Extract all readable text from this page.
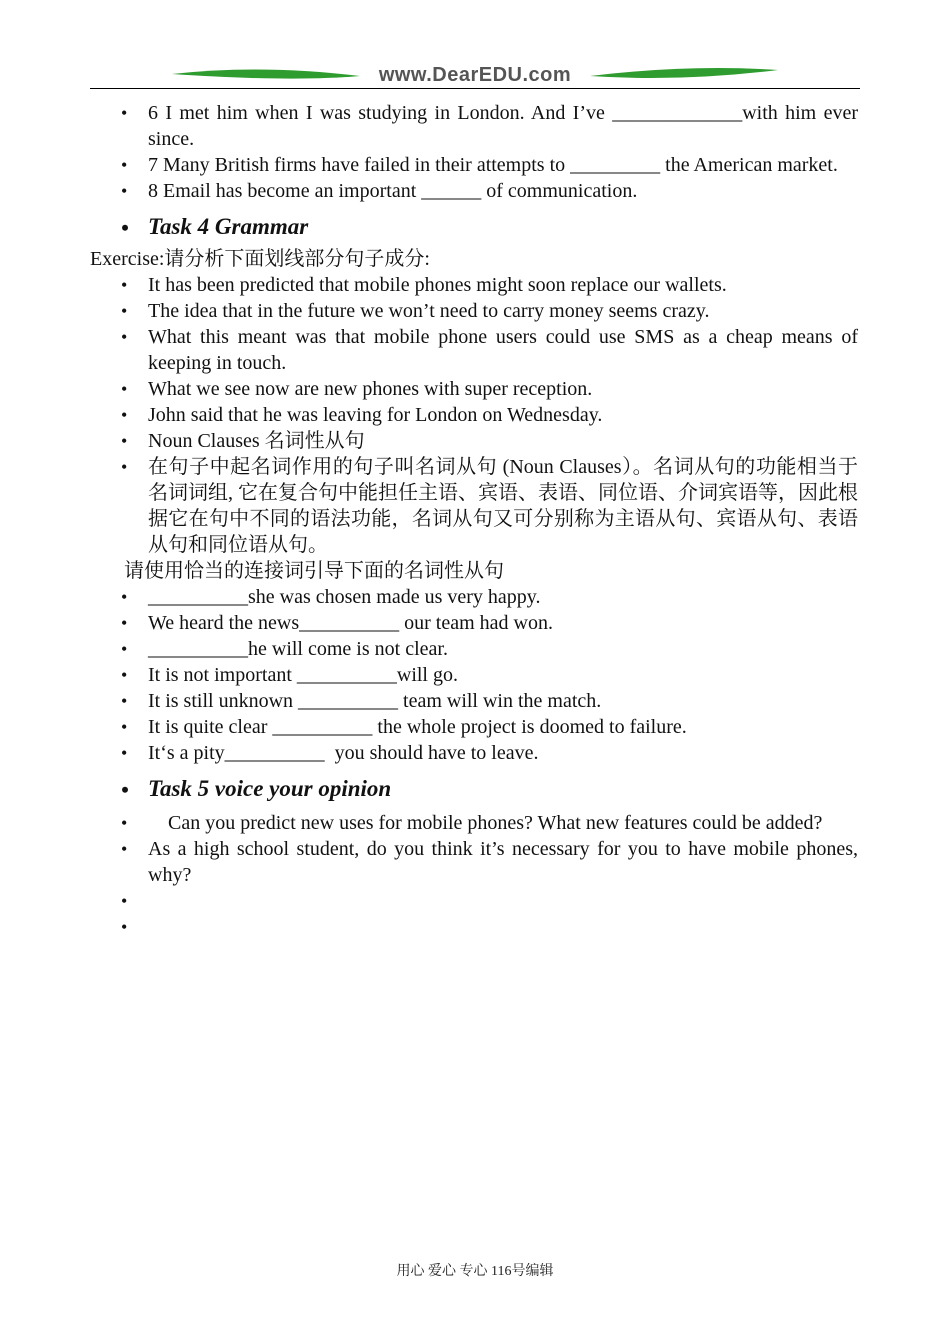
www.DearEDU.com
• 6 I met him when I was studying in London. And I’ve _____________with him ever since.
• 7 Many British firms have failed in their attempts to _________ the American market.
• 8 Email has become an important ______ of communication.
• Task 4 Grammar
Exercise:请分析下面划线部分句子成分:
• It has been predicted that mobile phones might soon replace our wallets.
• The idea that in the future we won’t need to carry money seems crazy.
• What this meant was that mobile phone users could use SMS as a cheap means of keeping in touch.
• What we see now are new phones with super reception.
• John said that he was leaving for London on Wednesday.
• Noun Clauses 名词性从句
• 在句子中起名词作用的句子叫名词从句 (Noun Clauses）。名词从句的功能相当于名词词组, 它在复合句中能担任主语、宾语、表语、同位语、介词宾语等，因此根据它在句中不同的语法功能，名词从句又可分别称为主语从句、宾语从句、表语从句和同位语从句。
请使用恰当的连接词引导下面的名词性从句
• __________she was chosen made us very happy.
• We heard the news__________ our team had won.
• __________he will come is not clear.
• It is not important __________will go.
• It is still unknown __________ team will win the match.
• It is quite clear __________ the whole project is doomed to failure.
• It‘s a pity__________  you should have to leave.
• Task 5 voice your opinion
• Can you predict new uses for mobile phones? What new features could be added?
• As a high school student, do you think it’s necessary for you to have mobile phones, why?
•
•
用心 爱心 专心 116号编辑
